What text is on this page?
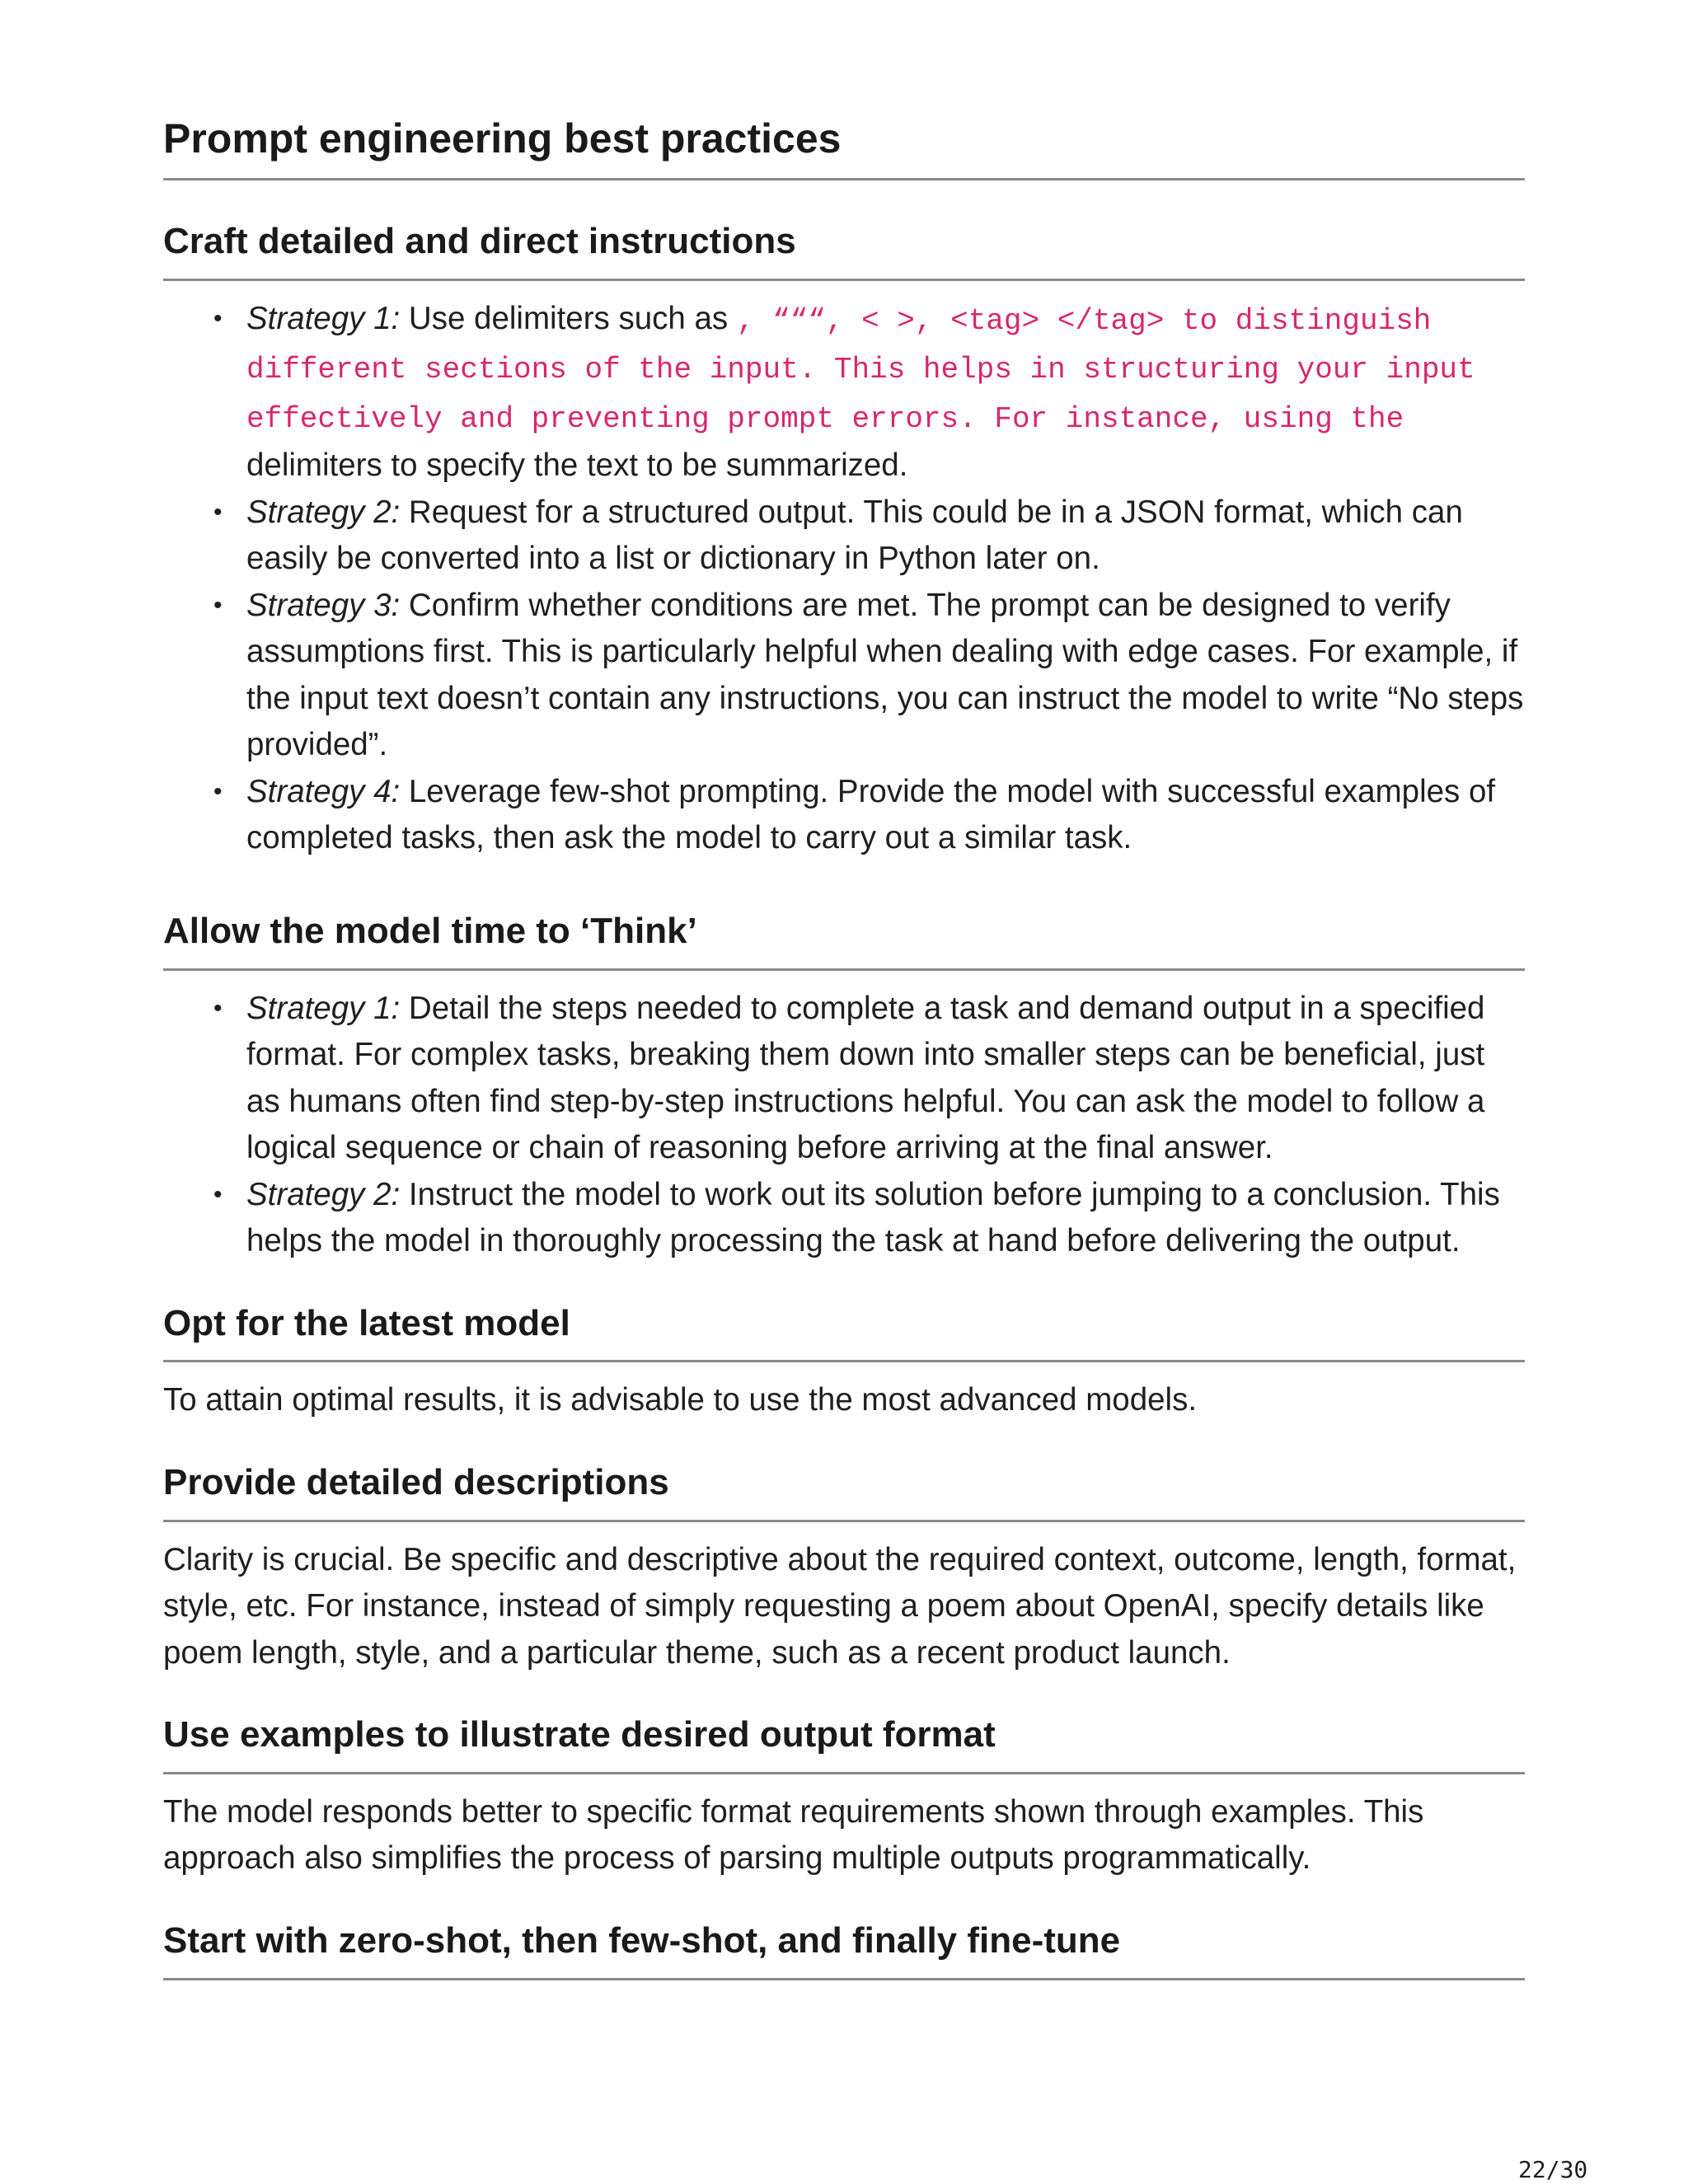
Prompt engineering best practices
Craft detailed and direct instructions
• Strategy 1: Use delimiters such as , “““, < >, <tag> </tag> to distinguish different sections of the input. This helps in structuring your input effectively and preventing prompt errors. For instance, using the delimiters to specify the text to be summarized.
• Strategy 2: Request for a structured output. This could be in a JSON format, which can easily be converted into a list or dictionary in Python later on.
• Strategy 3: Confirm whether conditions are met. The prompt can be designed to verify assumptions first. This is particularly helpful when dealing with edge cases. For example, if the input text doesn’t contain any instructions, you can instruct the model to write “No steps provided”.
• Strategy 4: Leverage few-shot prompting. Provide the model with successful examples of completed tasks, then ask the model to carry out a similar task.
Allow the model time to ‘Think’
• Strategy 1: Detail the steps needed to complete a task and demand output in a specified format. For complex tasks, breaking them down into smaller steps can be beneficial, just as humans often find step-by-step instructions helpful. You can ask the model to follow a logical sequence or chain of reasoning before arriving at the final answer.
• Strategy 2: Instruct the model to work out its solution before jumping to a conclusion. This helps the model in thoroughly processing the task at hand before delivering the output.
Opt for the latest model

To attain optimal results, it is advisable to use the most advanced models.

Provide detailed descriptions

Clarity is crucial. Be specific and descriptive about the required context, outcome, length, format, style, etc. For instance, instead of simply requesting a poem about OpenAI, specify details like poem length, style, and a particular theme, such as a recent product launch.

Use examples to illustrate desired output format

The model responds better to specific format requirements shown through examples. This approach also simplifies the process of parsing multiple outputs programmatically.

Start with zero-shot, then few-shot, and finally fine-tune
22/30
